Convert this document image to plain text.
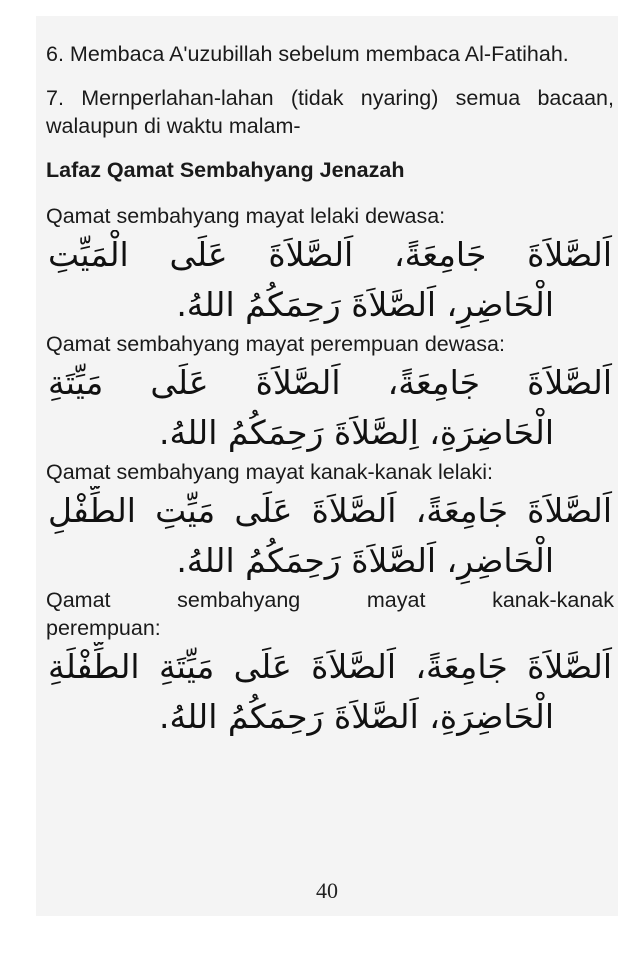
6. Membaca A'uzubillah sebelum membaca Al-Fatihah.

7. Mernperlahan-lahan (tidak nyaring) semua bacaan, walaupun di waktu malam-

Lafaz Qamat Sembahyang Jenazah

Qamat sembahyang mayat lelaki dewasa:

اَلصَّلاَةَ جَامِعَةً، اَلصَّلاَةَ عَلَى الْمَيِّتِ

الْحَاضِرِ، اَلصَّلاَةَ رَحِمَكُمُ اللهُ.

Qamat sembahyang mayat perempuan dewasa:

اَلصَّلاَةَ جَامِعَةً، اَلصَّلاَةَ عَلَى مَيِّتَةِ

الْحَاضِرَةِ، اِلصَّلاَةَ رَحِمَكُمُ اللهُ.

Qamat sembahyang mayat kanak-kanak lelaki:

اَلصَّلاَةَ جَامِعَةً، اَلصَّلاَةَ عَلَى مَيِّتِ الطِّفْلِ

الْحَاضِرِ، اَلصَّلاَةَ رَحِمَكُمُ اللهُ.

Qamat sembahyang mayat kanak-kanak

perempuan:

اَلصَّلاَةَ جَامِعَةً، اَلصَّلاَةَ عَلَى مَيِّتَةِ الطِّفْلَةِ

الْحَاضِرَةِ، اَلصَّلاَةَ رَحِمَكُمُ اللهُ.

40
